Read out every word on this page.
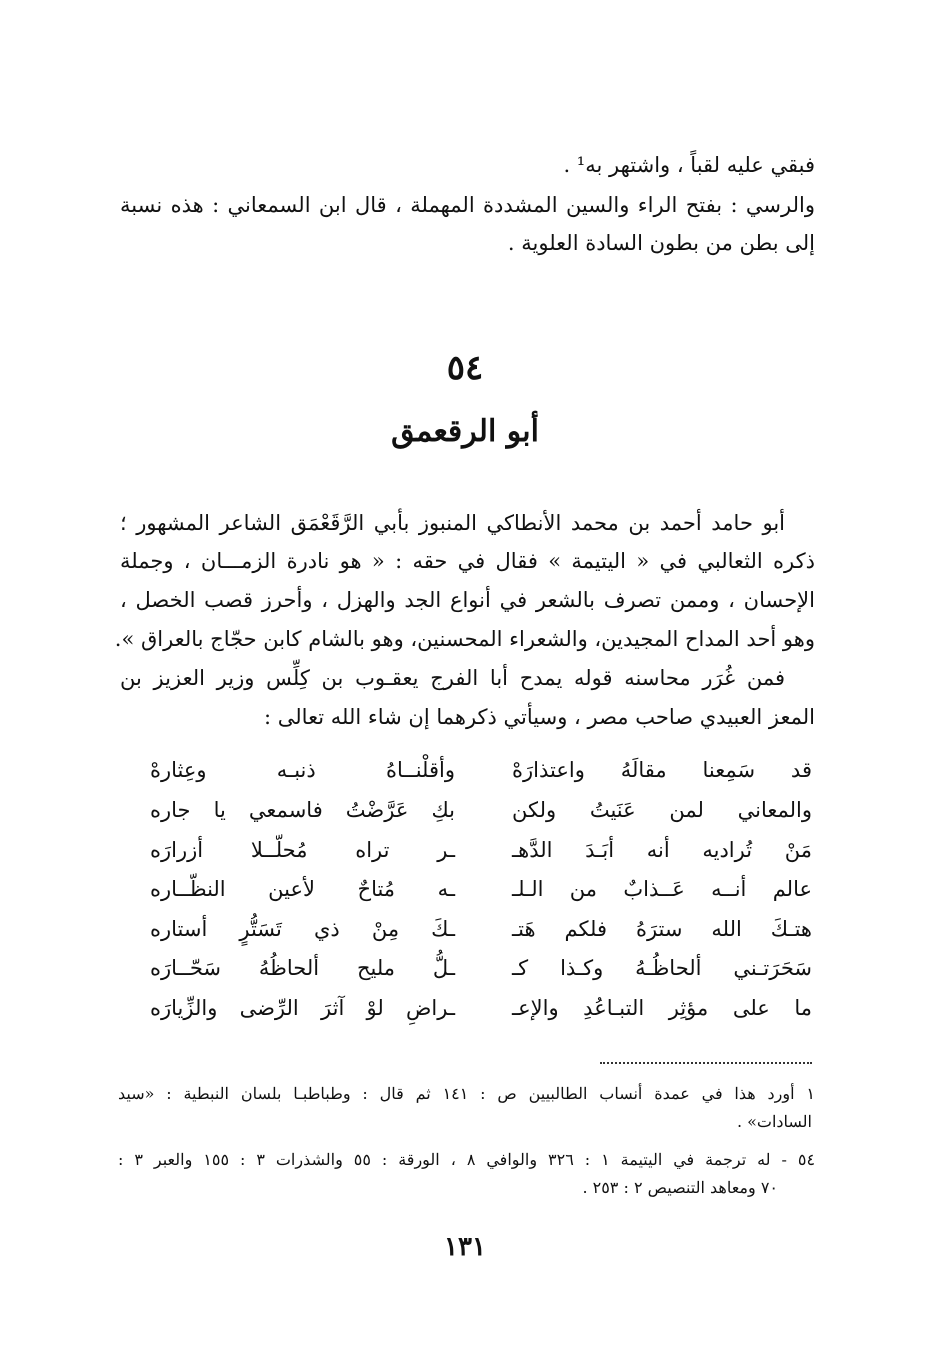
فبقي عليه لقباً ، واشتهر به¹ .
والرسي : بفتح الراء والسين المشددة المهملة ، قال ابن السمعاني : هذه نسبة
إلى بطن من بطون السادة العلوية .
٥٤
أبو الرقعمق
أبو حامد أحمد بن محمد الأنطاكي المنبوز بأبي الرَّقَعْمَق الشاعر المشهور ؛
ذكره الثعالبي في « اليتيمة » فقال في حقه : « هو نادرة الزمـــان ، وجملة
الإحسان ، وممن تصرف بالشعر في أنواع الجد والهزل ، وأحرز قصب الخصل ،
وهو أحد المداح المجيدين، والشعراء المحسنين، وهو بالشام كابن حجّاج بالعراق ».
فمن غُرَر محاسنه قوله يمدح أبا الفرج يعقـوب بن كِلِّس وزير العزيز بن
المعز العبيدي صاحب مصر ، وسيأتي ذكرهما إن شاء الله تعالى :
قد سَمِعنا مقالَهُ واعتذارَهْ
وأقلْنــاهُ ذنبـه وعِثارهْ
والمعاني لمن عَنَيتُ ولكن
بكِ عَرَّضْتُ فاسمعي يا جاره
مَنْ تُراديه أنه أبَـدَ الدَّهـ
ـر تراه مُحلّــلا أزرارَه
عالم أنــه عَــذابٌ من الـلـ
ـه مُتاحٌ لأعين النظّــاره
هتـكَ الله سترَهُ فلكم هَتـ
ـكَ مِنْ ذي تَسَتُّرٍ أستاره
سَحَرَتـني ألحاظُـهُ وكـذا كـ
ـلُّ مليح ألحاظُهُ سَحّــارَه
ما على مؤثِر التبـاعُدِ والإعـ
ـراضِ لوْ آثرَ الرِّضى والزِّيارَه
١ أورد هذا في عمدة أنساب الطالبيين ص : ١٤١ ثم قال : وطباطبـا بلسان النبطية : «سيد
السادات» .
٥٤ - له ترجمة في اليتيمة ١ : ٣٢٦ والوافي ٨ ، الورقة : ٥٥ والشذرات ٣ : ١٥٥ والعبر ٣ :
٧٠ ومعاهد التنصيص ٢ : ٢٥٣ .
١٣١
